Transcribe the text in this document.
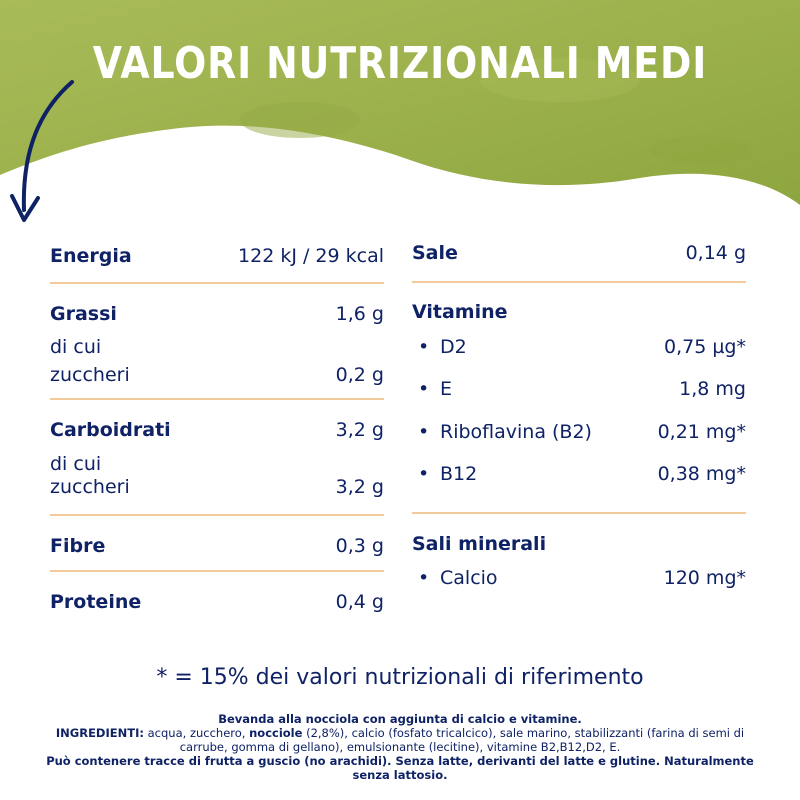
VALORI NUTRIZIONALI MEDI
Energia	122 kJ / 29 kcal
Grassi	1,6 g
di cui
zuccheri	0,2 g
Carboidrati	3,2 g
di cui
zuccheri	3,2 g
Fibre	0,3 g
Proteine	0,4 g
Sale	0,14 g
Vitamine
• D2	0,75 µg*
• E	1,8 mg
• Riboflavina (B2)	0,21 mg*
• B12	0,38 mg*
Sali minerali
• Calcio	120 mg*
* = 15% dei valori nutrizionali di riferimento
Bevanda alla nocciola con aggiunta di calcio e vitamine.
INGREDIENTI: acqua, zucchero, nocciole (2,8%), calcio (fosfato tricalcico), sale marino, stabilizzanti (farina di semi di carrube, gomma di gellano), emulsionante (lecitine), vitamine B2,B12,D2, E.
Può contenere tracce di frutta a guscio (no arachidi). Senza latte, derivanti del latte e glutine. Naturalmente senza lattosio.
